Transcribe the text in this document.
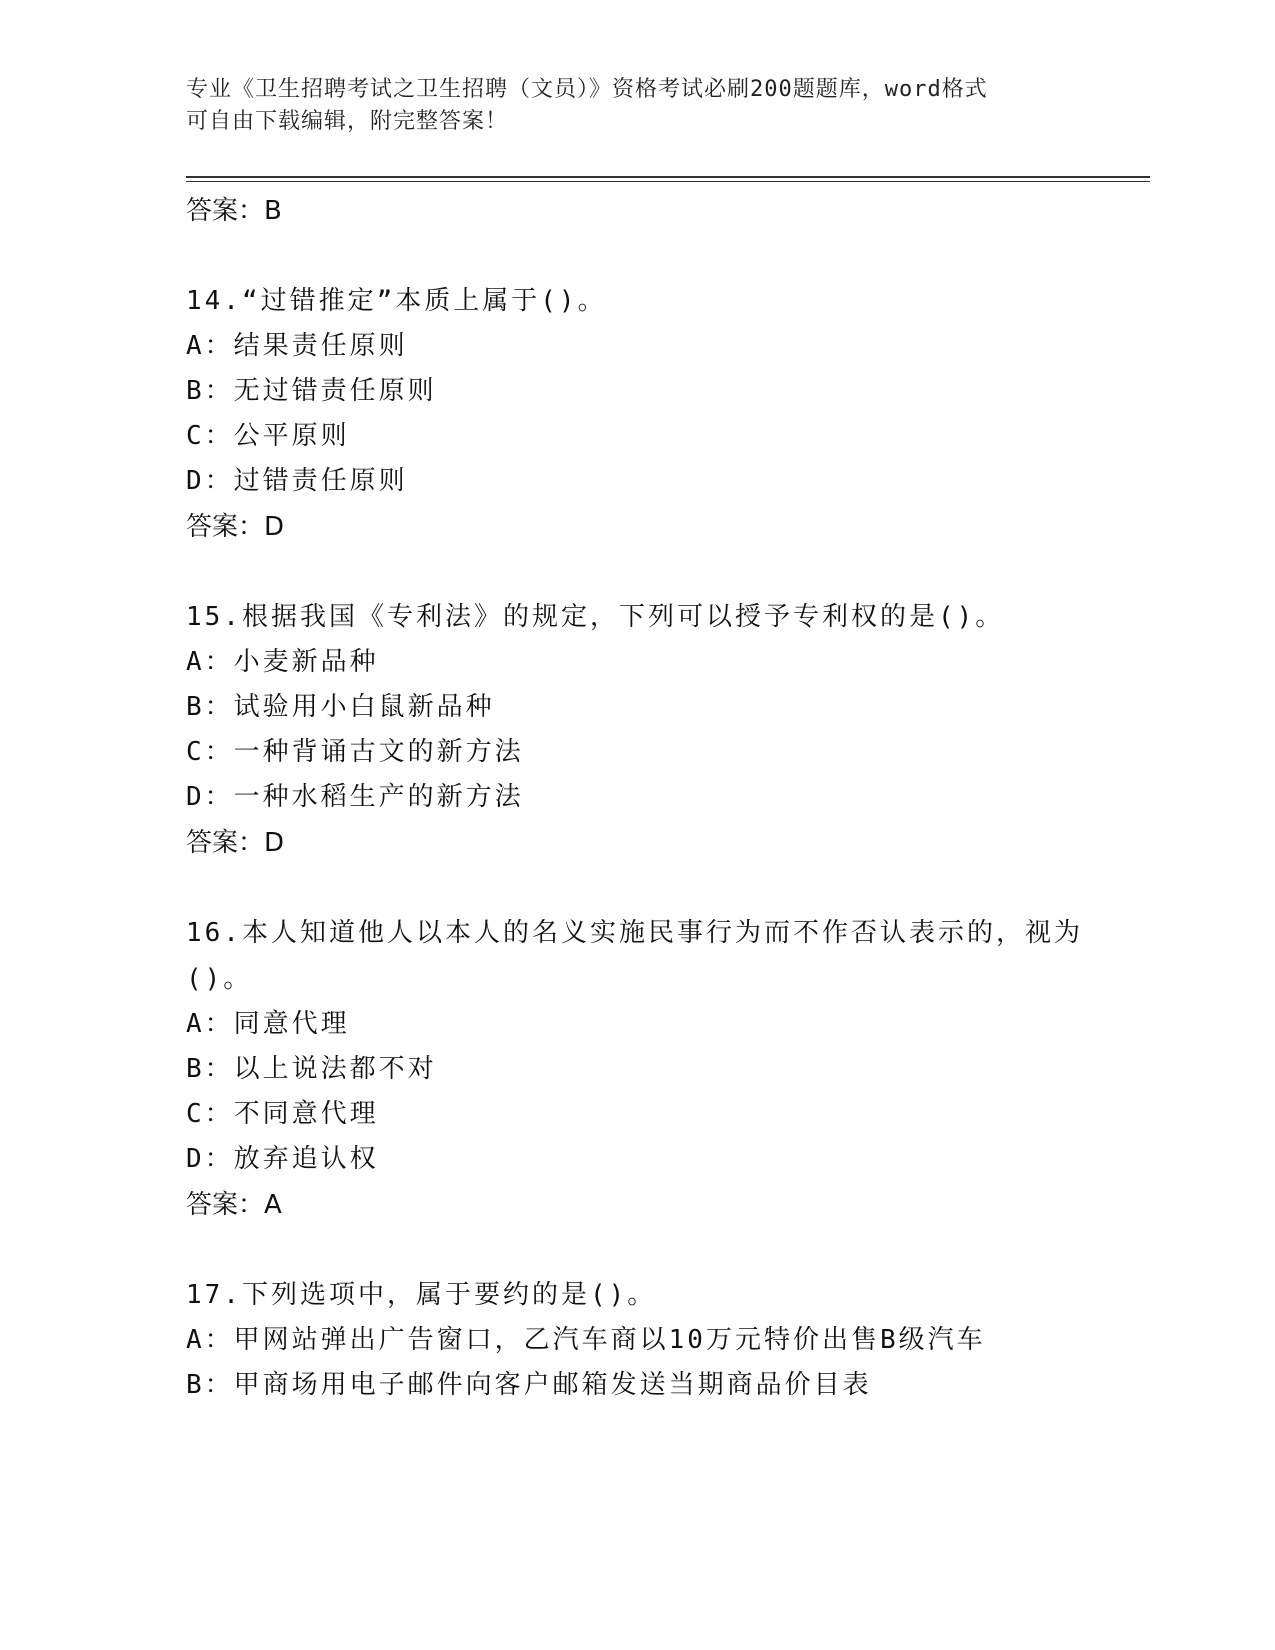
专业《卫生招聘考试之卫生招聘（文员）》资格考试必刷200题题库，word格式
可自由下载编辑，附完整答案！
答案：B
14.“过错推定”本质上属于()。
A：结果责任原则
B：无过错责任原则
C：公平原则
D：过错责任原则
答案：D
15.根据我国《专利法》的规定，下列可以授予专利权的是()。
A：小麦新品种
B：试验用小白鼠新品种
C：一种背诵古文的新方法
D：一种水稻生产的新方法
答案：D
16.本人知道他人以本人的名义实施民事行为而不作否认表示的，视为()。
A：同意代理
B：以上说法都不对
C：不同意代理
D：放弃追认权
答案：A
17.下列选项中，属于要约的是()。
A：甲网站弹出广告窗口，乙汽车商以10万元特价出售B级汽车
B：甲商场用电子邮件向客户邮箱发送当期商品价目表
